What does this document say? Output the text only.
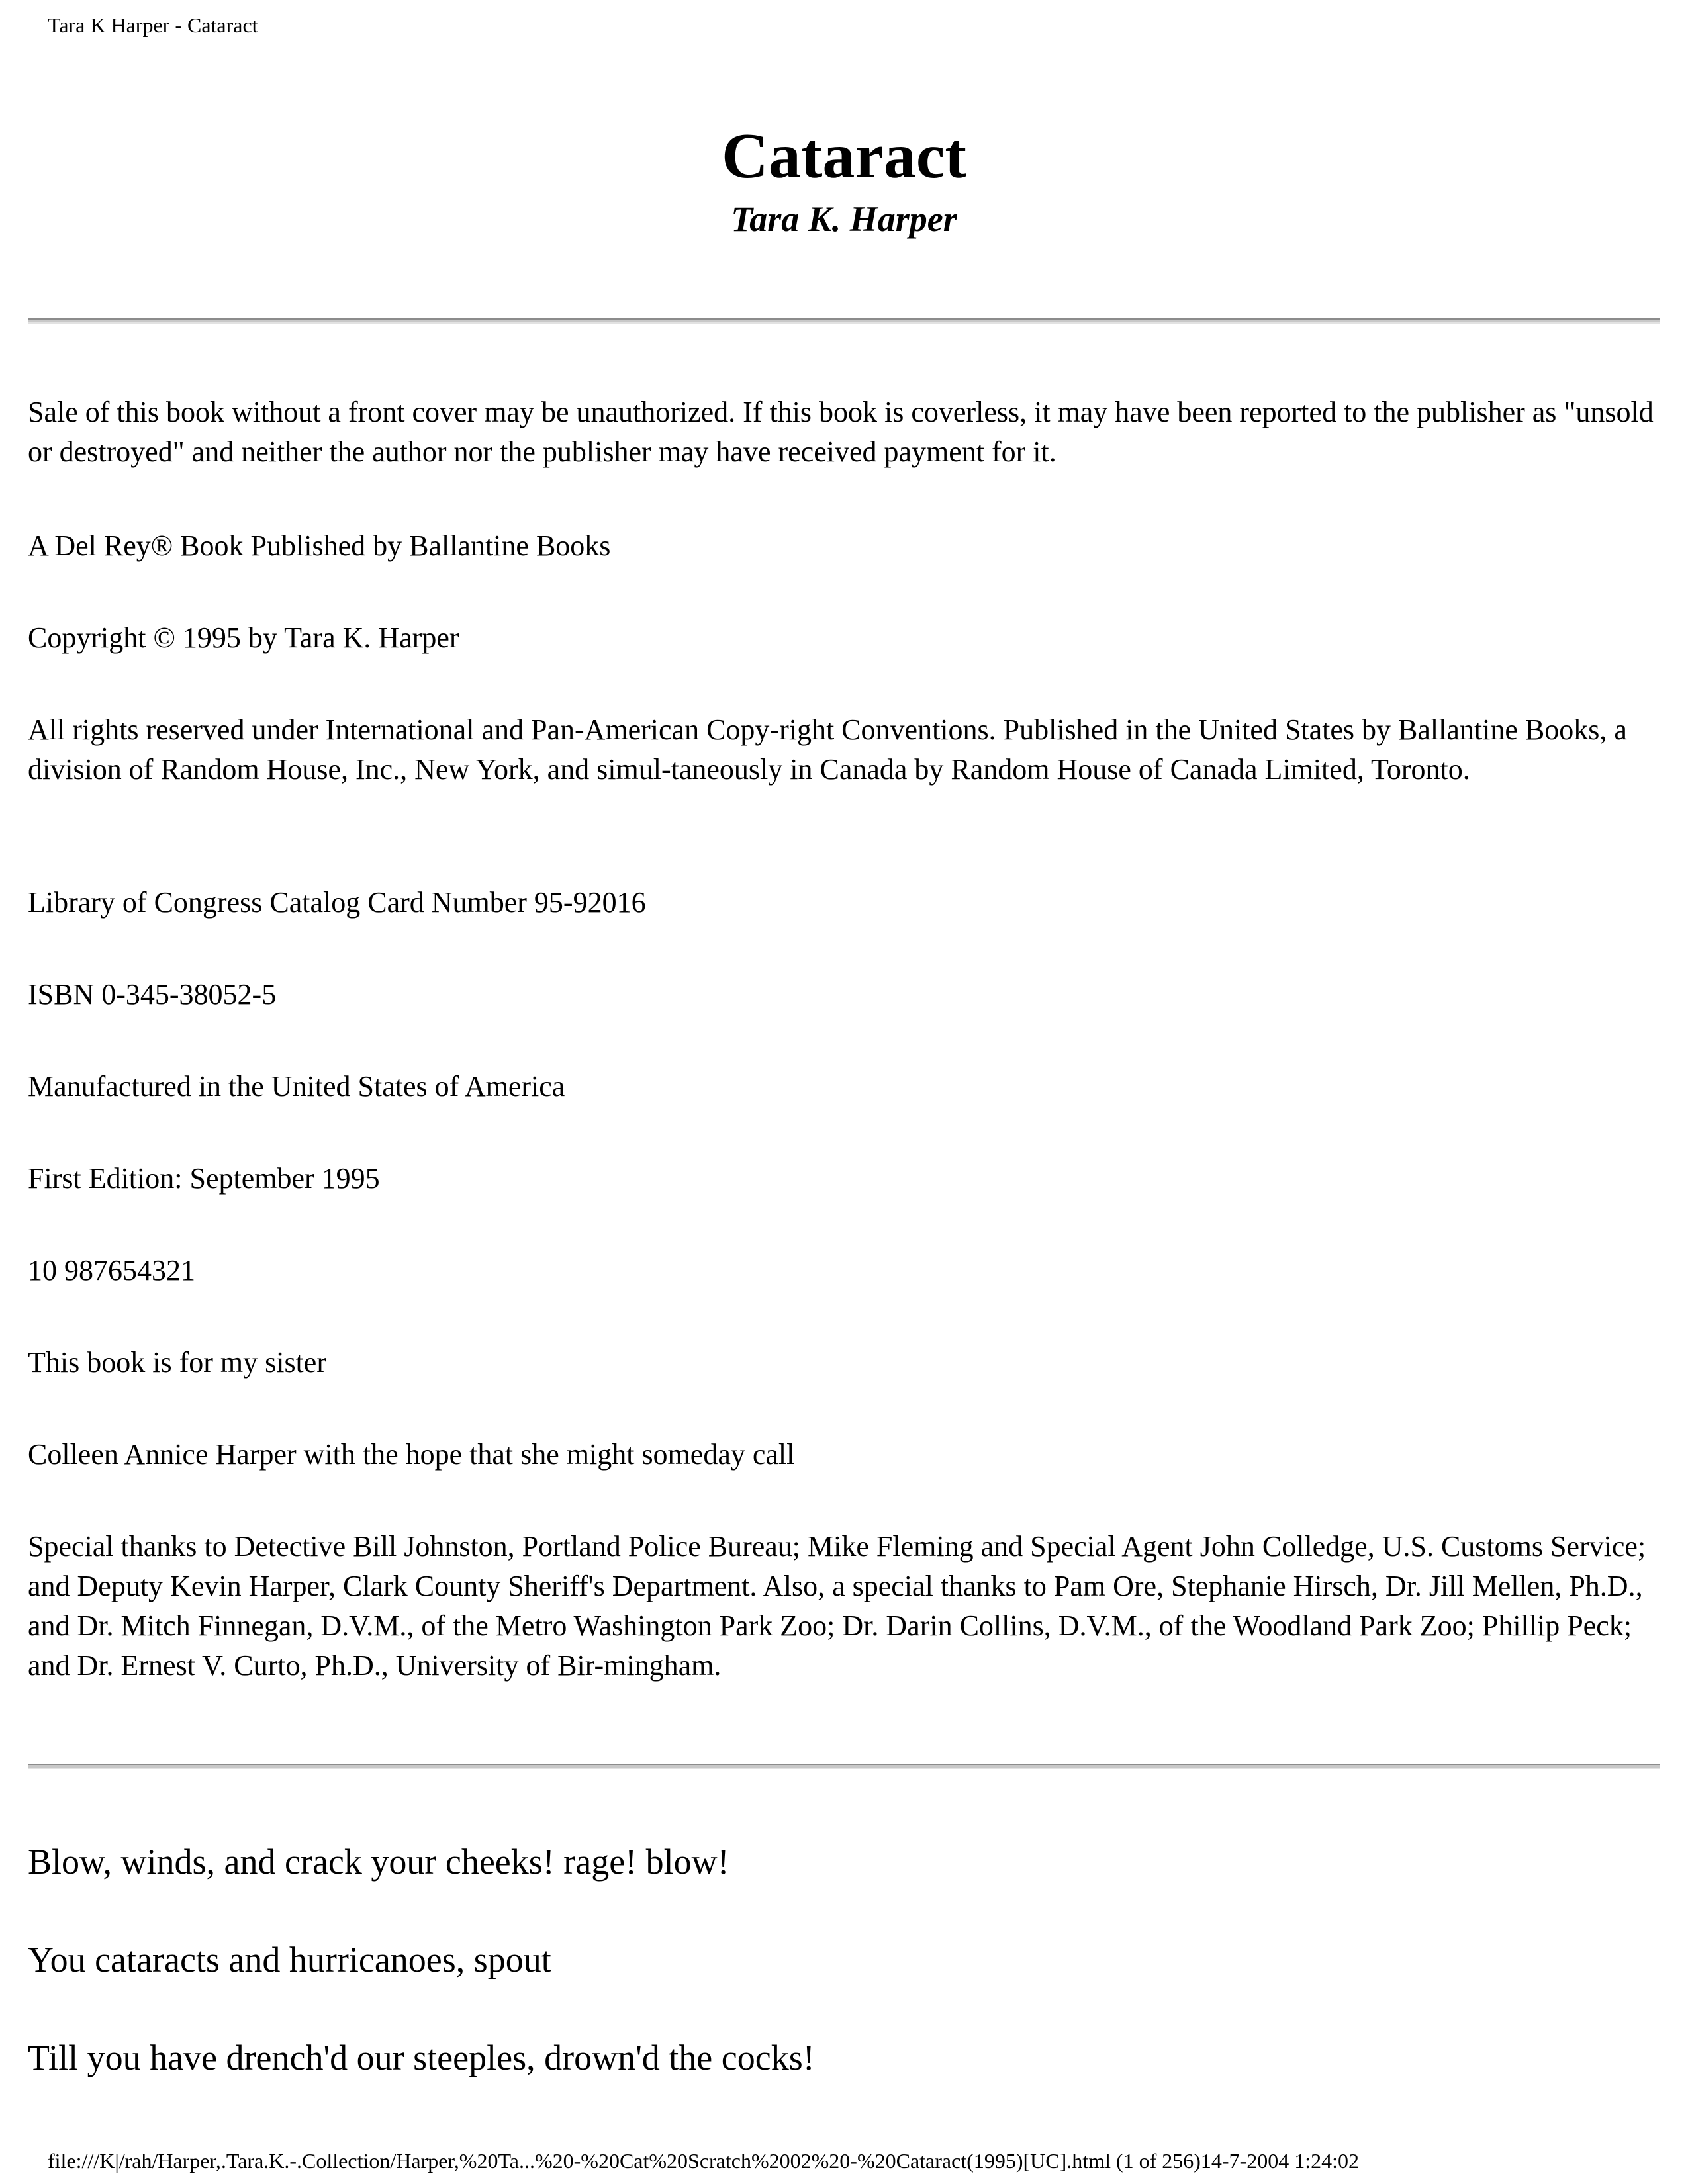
Tara K Harper - Cataract
Cataract

Tara K. Harper

Sale of this book without a front cover may be unauthorized. If this book is coverless, it may have been reported to the publisher as "unsold or destroyed" and neither the author nor the publisher may have received payment for it.

A Del Rey® Book Published by Ballantine Books

Copyright © 1995 by Tara K. Harper

All rights reserved under International and Pan-American Copy-right Conventions. Published in the United States by Ballantine Books, a division of Random House, Inc., New York, and simul-taneously in Canada by Random House of Canada Limited, Toronto.

Library of Congress Catalog Card Number 95-92016

ISBN 0-345-38052-5

Manufactured in the United States of America

First Edition: September 1995

10 987654321

This book is for my sister

Colleen Annice Harper with the hope that she might someday call

Special thanks to Detective Bill Johnston, Portland Police Bureau; Mike Fleming and Special Agent John Colledge, U.S. Customs Service; and Deputy Kevin Harper, Clark County Sheriff's Department. Also, a special thanks to Pam Ore, Stephanie Hirsch, Dr. Jill Mellen, Ph.D., and Dr. Mitch Finnegan, D.V.M., of the Metro Washington Park Zoo; Dr. Darin Collins, D.V.M., of the Woodland Park Zoo; Phillip Peck; and Dr. Ernest V. Curto, Ph.D., University of Bir-mingham.

Blow, winds, and crack your cheeks! rage! blow!

You cataracts and hurricanoes, spout

Till you have drench'd our steeples, drown'd the cocks!

file:///K|/rah/Harper,.Tara.K.-.Collection/Harper,%20Ta...%20-%20Cat%20Scratch%2002%20-%20Cataract(1995)[UC].html (1 of 256)14-7-2004 1:24:02
